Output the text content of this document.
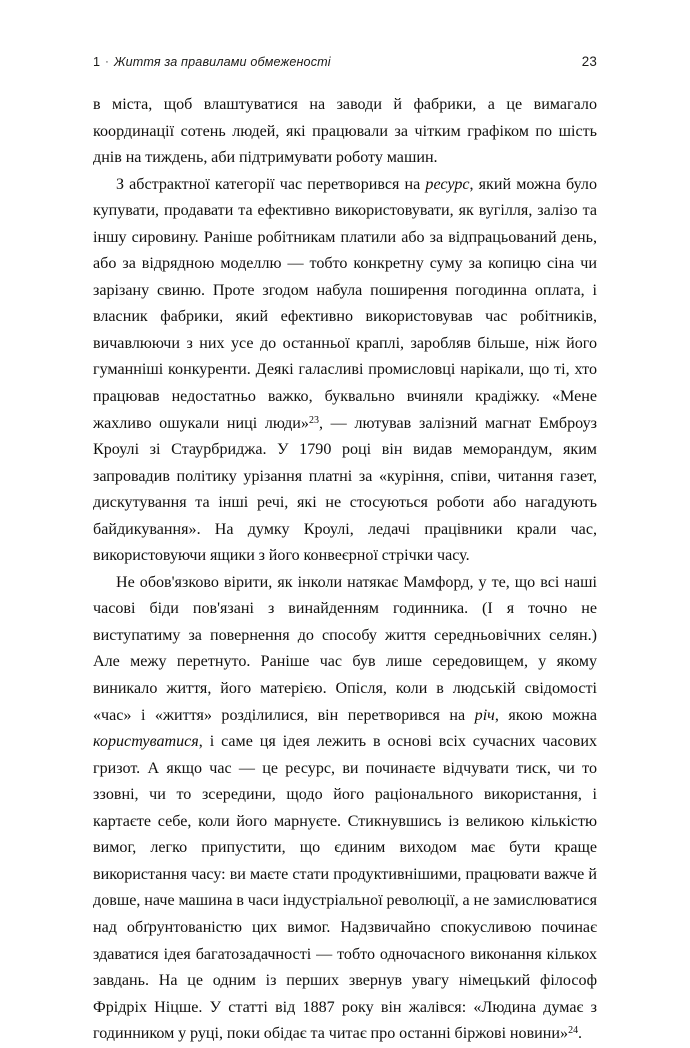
1 · Життя за правилами обмеженості	23

в міста, щоб влаштуватися на заводи й фабрики, а це вимагало координації сотень людей, які працювали за чітким графіком по шість днів на тиждень, аби підтримувати роботу машин.

З абстрактної категорії час перетворився на ресурс, який можна було купувати, продавати та ефективно використовувати, як вугілля, залізо та іншу сировину. Раніше робітникам платили або за відпрацьований день, або за відрядною моделлю — тобто конкретну суму за копицю сіна чи зарізану свиню. Проте згодом набула поширення погодинна оплата, і власник фабрики, який ефективно використовував час робітників, вичавлюючи з них усе до останньої краплі, заробляв більше, ніж його гуманніші конкуренти. Деякі галасливі промисловці нарікали, що ті, хто працював недостатньо важко, буквально вчиняли крадіжку. «Мене жахливо ошукали ниці люди»$^{23}$, — лютував залізний магнат Емброуз Кроулі зі Стаурбриджа. У 1790 році він видав меморандум, яким запровадив політику урізання платні за «куріння, співи, читання газет, дискутування та інші речі, які не стосуються роботи або нагадують байдикування». На думку Кроулі, ледачі працівники крали час, використовуючи ящики з його конвеєрної стрічки часу.

Не обов'язково вірити, як інколи натякає Мамфорд, у те, що всі наші часові біди пов'язані з винайденням годинника. (І я точно не виступатиму за повернення до способу життя середньовічних селян.) Але межу перетнуто. Раніше час був лише середовищем, у якому виникало життя, його матерією. Опісля, коли в людській свідомості «час» і «життя» розділилися, він перетворився на річ, якою можна користуватися, і саме ця ідея лежить в основі всіх сучасних часових гризот. А якщо час — це ресурс, ви починаєте відчувати тиск, чи то ззовні, чи то зсередини, щодо його раціонального використання, і картаєте себе, коли його марнуєте. Стикнувшись із великою кількістю вимог, легко припустити, що єдиним виходом має бути краще використання часу: ви маєте стати продуктивнішими, працювати важче й довше, наче машина в часи індустріальної революції, а не замислюватися над обґрунтованістю цих вимог. Надзвичайно спокусливою починає здаватися ідея багатозадачності — тобто одночасного виконання кількох завдань. На це одним із перших звернув увагу німецький філософ Фрідріх Ніцше. У статті від 1887 року він жалівся: «Людина думає з годинником у руці, поки обідає та читає про останні біржові новини»$^{24}$.
